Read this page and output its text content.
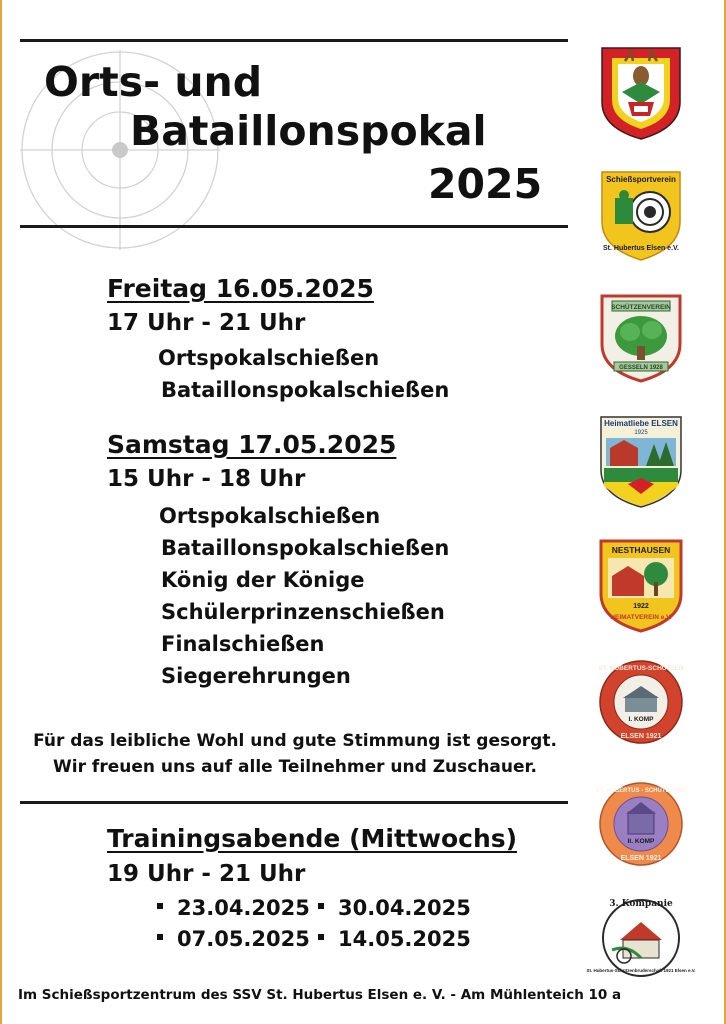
Orts- und
Bataillonspokal
2025
Freitag 16.05.2025
17 Uhr - 21 Uhr
Ortspokalschießen
Bataillonspokalschießen
Samstag 17.05.2025
15 Uhr - 18 Uhr
Ortspokalschießen
Bataillonspokalschießen
König der Könige
Schülerprinzenschießen
Finalschießen
Siegerehrungen
Für das leibliche Wohl und gute Stimmung ist gesorgt.
Wir freuen uns auf alle Teilnehmer und Zuschauer.
Trainingsabende (Mittwochs)
19 Uhr - 21 Uhr
23.04.2025	30.04.2025
07.05.2025	14.05.2025
Im Schießsportzentrum des SSV St. Hubertus Elsen e. V. - Am Mühlenteich 10 a
Schießsportverein
St. Hubertus Elsen e.V.
SCHÜTZENVEREIN
GESSELN 1928
Heimatliebe ELSEN
1925
NESTHAUSEN
1922
HEIMATVEREIN e.V.
ST. HUBERTUS-SCHÜTZEN
I. KOMP
ELSEN 1921
ST. HUBERTUS - SCHÜTZENBR
II. KOMP
ELSEN 1921
3. Kompanie
St. Hubertus-Schützenbruderschaft 1921 Elsen e.V.
